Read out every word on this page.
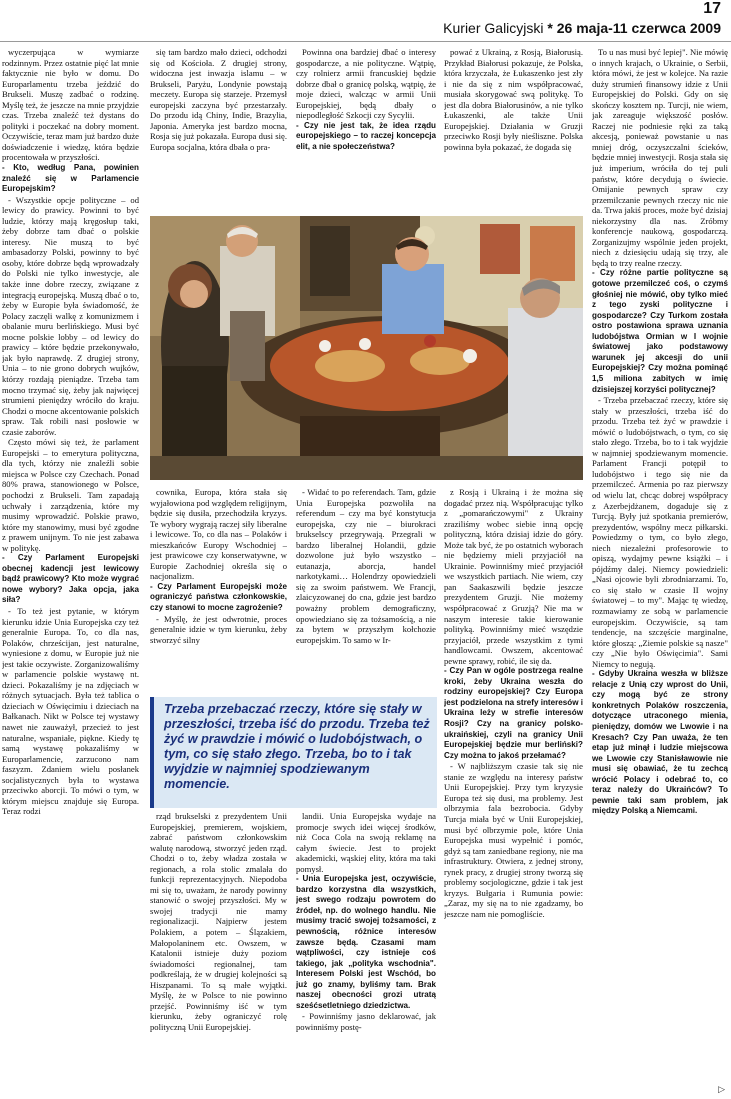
17
Kurier Galicyjski * 26 maja-11 czerwca 2009

wyczerpująca w wymiarze rodzinnym. Przez ostatnie pięć lat mnie faktycznie nie było w domu. Do Europarlamentu trzeba jeździć do Brukseli. Muszę zadbać o rodzinę. Myślę też, że jeszcze na mnie przyjdzie czas. Trzeba znaleźć też dystans do polityki i poczekać na dobry moment. Oczywiście, teraz mam już bardzo duże doświadczenie i wiedzę, która będzie procentowała w przyszłości.

- Kto, według Pana, powinien znaleźć się w Parlamencie Europejskim?

- Wszystkie opcje polityczne – od lewicy do prawicy. Powinni to być ludzie, którzy mają kręgosłup taki, żeby dobrze tam dbać o polskie interesy. Nie muszą to być ambasadorzy Polski, powinny to być osoby, które dobrze będą wprowadzały do Polski nie tylko inwestycje, ale także inne dobre rzeczy, związane z integracją europejską. Muszą dbać o to, żeby w Europie była świadomość, że Polacy zaczęli walkę z komunizmem i obalanie muru berlińskiego. Musi być mocne polskie lobby – od lewicy do prawicy – które będzie przekonywało, jak było naprawdę. Z drugiej strony, Unia – to nie grono dobrych wujków, którzy rozdają pieniądze. Trzeba tam mocno trzymać się, żeby jak najwięcej strumieni pieniędzy wróciło do kraju. Chodzi o mocne akcentowanie polskich spraw. Tak robili nasi posłowie w czasie zaborów.

Często mówi się też, że parlament Europejski – to emerytura polityczna, dla tych, którzy nie znaleźli sobie miejsca w Polsce czy Czechach. Ponad 80% prawa, stanowionego w Polsce, pochodzi z Brukseli. Tam zapadają uchwały i zarządzenia, które my musimy wprowadzić. Polskie prawo, które my stanowimy, musi być zgodne z prawem unijnym. To nie jest zabawa w politykę.

- Czy Parlament Europejski obecnej kadencji jest lewicowy bądź prawicowy? Kto może wygrać nowe wybory? Jaka opcja, jaka siła?

- To też jest pytanie, w którym kierunku idzie Unia Europejska czy też generalnie Europa. To, co dla nas, Polaków, chrześcijan, jest naturalne, wyniesione z domu, w Europie już nie jest takie oczywiste. Zorganizowaliśmy w parlamencie polskie wystawę nt. dzieci. Pokazaliśmy je na zdjęciach w różnych sytuacjach. Była też tablica o dzieciach w Oświęcimiu i dzieciach na Bałkanach. Nikt w Polsce tej wystawy nawet nie zauważył, przecież to jest naturalne, wspaniałe, piękne. Kiedy tę samą wystawę pokazaliśmy w Europarlamencie, zarzucono nam faszyzm. Zdaniem wielu posłanek socjalistycznych była to wystawa przeciwko aborcji. To mówi o tym, w którym miejscu znajduje się Europa. Teraz rodzi

się tam bardzo mało dzieci, odchodzi się od Kościoła. Z drugiej strony, widoczna jest inwazja islamu – w Brukseli, Paryżu, Londynie powstają meczety. Europa się starzeje. Przemysł europejski zaczyna być przestarzały. Do przodu idą Chiny, Indie, Brazylia, Japonia. Ameryka jest bardzo mocna, Rosja się już pokazała. Europa dusi się. Europa socjalna, która dbała o pra-

cownika, Europa, która stała się wyjałowiona pod względem religijnym, będzie się dusiła, przechodziła kryzys. Te wybory wygrają raczej siły liberalne i lewicowe. To, co dla nas – Polaków i mieszkańców Europy Wschodniej – jest prawicowe czy konserwatywne, w Europie Zachodniej określa się o nacjonalizm.

- Czy Parlament Europejski może ograniczyć państwa członkowskie, czy stanowi to mocne zagrożenie?

- Myślę, że jest odwrotnie, proces generalnie idzie w tym kierunku, żeby stworzyć silny

rząd brukselski z prezydentem Unii Europejskiej, premierem, wojskiem, zabrać państwom członkowskim walutę narodową, stworzyć jeden rząd. Chodzi o to, żeby władza została w regionach, a rola stolic zmalała do funkcji reprezentacyjnych. Niepodoba mi się to, uważam, że narody powinny stanowić o swojej przyszłości. My w swojej tradycji nie mamy regionalizacji. Najpierw jestem Polakiem, a potem – Ślązakiem, Małopolaninem etc. Owszem, w Katalonii istnieje duży poziom świadomości regionalnej, tam podkreślają, że w drugiej kolejności są Hiszpanami. To są małe wyjątki. Myślę, że w Polsce to nie powinno przejść. Powinniśmy iść w tym kierunku, żeby ograniczyć rolę polityczną Unii Europejskiej.

Powinna ona bardziej dbać o interesy gospodarcze, a nie polityczne. Wątpię, czy rolnierz armii francuskiej będzie dobrze dbał o granicę polską, wątpię, że moje dzieci, walcząc w armii Unii Europejskiej, będą dbały o niepodległość Szkocji czy Sycylii.

- Czy nie jest tak, że idea rządu europejskiego – to raczej koncepcja elit, a nie społeczeństwa?

- Widać to po referendach. Tam, gdzie Unia Europejska pozwoliła na referendum – czy ma być konstytucja europejska, czy nie – biurokraci brukselscy przegrywają. Przegrali w bardzo liberalnej Holandii, gdzie dozwolone już było wszystko – eutanazja, aborcja, handel narkotykami… Holendrzy opowiedzieli się za swoim państwem. We Francji, zlaicyzowanej do cna, gdzie jest bardzo poważny problem demograficzny, opowiedziano się za tożsamością, a nie za bytem w przyszłym kołchozie europejskim. To samo w Ir-

landii. Unia Europejska wydaje na promocje swych idei więcej środków, niż Coca Cola na swoją reklamę na całym świecie. Jest to projekt akademicki, wąskiej elity, która ma taki pomysł.

- Unia Europejska jest, oczywiście, bardzo korzystna dla wszystkich, jest swego rodzaju powrotem do źródeł, np. do wolnego handlu. Nie musimy tracić swojej tożsamości, z pewnością, różnice interesów zawsze będą. Czasami mam wątpliwości, czy istnieje coś takiego, jak „polityka wschodnia". Interesem Polski jest Wschód, bo już go znamy, byliśmy tam. Brak naszej obecności grozi utratą sześćsetletniego dziedzictwa.

- Powinniśmy jasno deklarować, jak powinniśmy postę-

pować z Ukrainą, z Rosją, Białorusią. Przykład Białorusi pokazuje, że Polska, która krzyczała, że Łukaszenko jest zły i nie da się z nim współpracować, musiała skorygować swą politykę. To jest dla dobra Białorusinów, a nie tylko Łukaszenki, ale także Unii Europejskiej. Działania w Gruzji przeciwko Rosji były nieśliszne. Polska powinna była pokazać, że dogada się

z Rosją i Ukrainą i że można się dogadać przez nią. Współpracując tylko z „pomarańczowymi" z Ukrainy zraziliśmy wobec siebie inną opcję polityczną, która dzisiaj idzie do góry. Może tak być, że po ostatnich wyborach nie będziemy mieli przyjaciół na Ukrainie. Powinniśmy mieć przyjaciół we wszystkich partiach. Nie wiem, czy pan Saakaszwili będzie jeszcze prezydentem Gruzji. Nie możemy współpracować z Gruzją? Nie ma w naszym interesie takie kierowanie polityką. Powinniśmy mieć wszędzie przyjaciół, przede wszystkim z tymi handlowcami. Owszem, akcentować pewne sprawy, robić, ile się da.

- Czy Pan w ogóle postrzega realne kroki, żeby Ukraina weszła do rodziny europejskiej? Czy Europa jest podzielona na strefy interesów i Ukraina leży w strefie interesów Rosji? Czy na granicy polsko-ukraińskiej, czyli na granicy Unii Europejskiej będzie mur berliński? Czy można to jakoś przełamać?

- W najbliższym czasie tak się nie stanie ze względu na interesy państw Unii Europejskiej. Przy tym kryzysie Europa też się dusi, ma problemy. Jest olbrzymia fala bezrobocia. Gdyby Turcja miała być w Unii Europejskiej, musi być olbrzymie pole, które Unia Europejska musi wypełnić i pomóc, gdyż są tam zaniedbane regiony, nie ma infrastruktury. Otwiera, z jednej strony, rynek pracy, z drugiej strony tworzą się problemy socjologiczne, gdzie i tak jest kryzys. Bułgaria i Rumunia powie: „Zaraz, my się na to nie zgadzamy, bo jeszcze nam nie pomogliście.

To u nas musi być lepiej". Nie mówię o innych krajach, o Ukrainie, o Serbii, która mówi, że jest w kolejce. Na razie duży strumień finansowy idzie z Unii Europejskiej do Polski. Gdy on się skończy kosztem np. Turcji, nie wiem, jak zareaguje większość posłów. Raczej nie podniesie ręki za taką akcesją, ponieważ powstanie u nas mniej dróg, oczyszczalni ścieków, będzie mniej inwestycji. Rosja stała się już imperium, wróciła do tej puli państw, które decydują o świecie. Omijanie pewnych spraw czy przemilczanie pewnych rzeczy nic nie da. Trwa jakiś proces, może być dzisiaj niekorzystny dla nas. Zróbmy konferencje naukową, gospodarczą. Zorganizujmy wspólnie jeden projekt, niech z dziesięciu udają się trzy, ale będą to trzy realne rzeczy.

- Czy różne partie polityczne są gotowe przemilczeć coś, o czymś głośniej nie mówić, oby tylko mieć z tego zyski polityczne i gospodarcze? Czy Turkom została ostro postawiona sprawa uznania ludobójstwa Ormian w I wojnie światowej jako podstawowy warunek jej akcesji do unii Europejskiej? Czy można pominąć 1,5 miliona zabitych w imię dzisiejszej korzyści politycznej?

- Trzeba przebaczać rzeczy, które się stały w przeszłości, trzeba iść do przodu. Trzeba też żyć w prawdzie i mówić o ludobójstwach, o tym, co się stało złego. Trzeba, bo to i tak wyjdzie w najmniej spodziewanym momencie. Parlament Francji potępił to ludobójstwo i tego się nie da przemilczeć. Armenia po raz pierwszy od wielu lat, chcąc dobrej współpracy z Azerbejdżanem, dogaduje się z Turcją. Były już spotkania premierów, prezydentów, wspólny mecz piłkarski. Powiedzmy o tym, co było złego, niech niezależni profesorowie to opiszą, wydajmy pewne książki – i pójdźmy dalej. Niemcy powiedzieli: „Nasi ojcowie byli zbrodniarzami. To, co się stało w czasie II wojny światowej – to my". Mając tę wiedzę, rozmawiamy ze sobą w parlamencie europejskim. Oczywiście, są tam tendencje, na szczęście marginalne, które głoszą: „Ziemie polskie są nasze" czy „Nie było Oświęcimia". Sami Niemcy to negują.

- Gdyby Ukraina weszła w bliższe relacje z Unią czy wprost do Unii, czy mogą być ze strony konkretnych Polaków roszczenia, dotyczące utraconego mienia, pieniędzy, domów we Lwowie i na Kresach? Czy Pan uważa, że ten etap już minął i ludzie miejscowa we Lwowie czy Stanisławowie nie musi się obawiać, że tu zechcą wrócić Polacy i odebrać to, co teraz należy do Ukraińców? To pewnie taki sam problem, jak między Polską a Niemcami.

Trzeba przebaczać rzeczy, które się stały w przeszłości, trzeba iść do przodu. Trzeba też żyć w prawdzie i mówić o ludobójstwach, o tym, co się stało złego. Trzeba, bo to i tak wyjdzie w najmniej spodziewanym momencie.
▷
